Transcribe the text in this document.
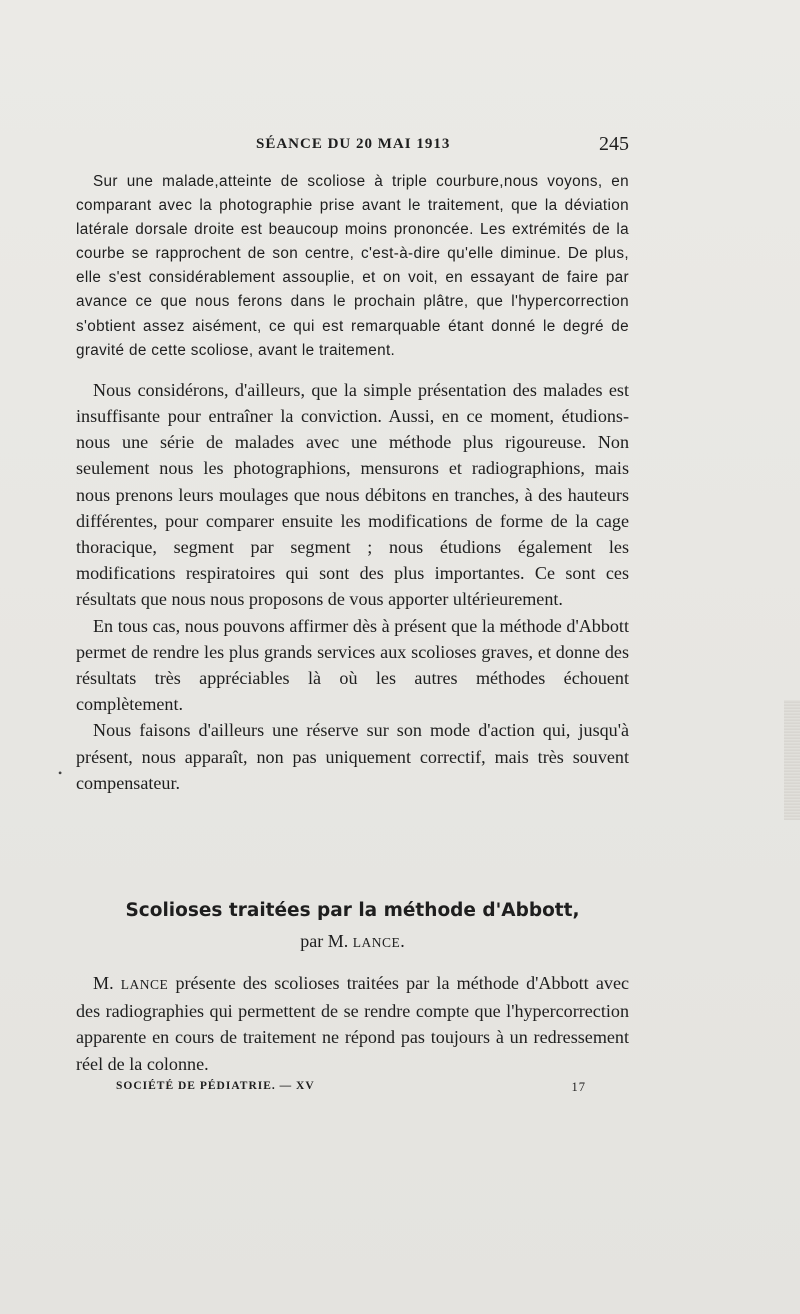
SÉANCE DU 20 MAI 1913	245

Sur une malade,atteinte de scoliose à triple courbure,nous voyons, en comparant avec la photographie prise avant le traitement, que la déviation latérale dorsale droite est beaucoup moins prononcée. Les extrémités de la courbe se rapprochent de son centre, c'est-à-dire qu'elle diminue. De plus, elle s'est considérablement assouplie, et on voit, en essayant de faire par avance ce que nous ferons dans le prochain plâtre, que l'hypercorrection s'obtient assez aisément, ce qui est remarquable étant donné le degré de gravité de cette scoliose, avant le traitement.

Nous considérons, d'ailleurs, que la simple présentation des malades est insuffisante pour entraîner la conviction. Aussi, en ce moment, étudions-nous une série de malades avec une méthode plus rigoureuse. Non seulement nous les photographions, mensurons et radiographions, mais nous prenons leurs moulages que nous débitons en tranches, à des hauteurs différentes, pour comparer ensuite les modifications de forme de la cage thoracique, segment par segment ; nous étudions également les modifications respiratoires qui sont des plus importantes. Ce sont ces résultats que nous nous proposons de vous apporter ultérieurement.

En tous cas, nous pouvons affirmer dès à présent que la méthode d'Abbott permet de rendre les plus grands services aux scolioses graves, et donne des résultats très appréciables là où les autres méthodes échouent complètement.

Nous faisons d'ailleurs une réserve sur son mode d'action qui, jusqu'à présent, nous apparaît, non pas uniquement correctif, mais très souvent compensateur.

•
Scolioses traitées par la méthode d'Abbott,
par M. LANCE.

M. LANCE présente des scolioses traitées par la méthode d'Abbott avec des radiographies qui permettent de se rendre compte que l'hypercorrection apparente en cours de traitement ne répond pas toujours à un redressement réel de la colonne.

SOCIÉTÉ DE PÉDIATRIE. — XV	17
